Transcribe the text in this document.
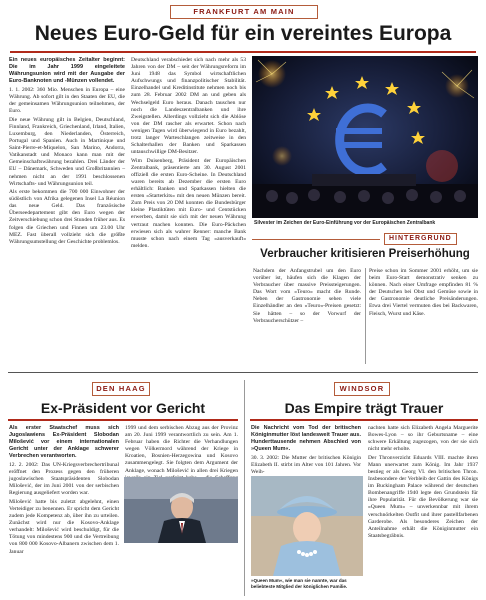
FRANKFURT AM MAIN
Neues Euro-Geld für ein vereintes Europa

Ein neues europäisches Zeitalter beginnt: Die im Jahr 1999 eingeleitete Währungsunion wird mit der Ausgabe der Euro-Banknoten und -Münzen vollendet.

1. 1. 2002: 360 Mio. Menschen in Europa – eine Währung. Ab sofort gilt in den Staaten der EU, die der gemeinsamen Währungsunion teilnehmen, der Euro.

Die neue Währung gilt in Belgien, Deutschland, Finnland, Frankreich, Griechenland, Irland, Italien, Luxemburg, den Niederlanden, Österreich, Portugal und Spanien. Auch in Martinique und Saint-Pierre-et-Miquelon, San Marino, Andorra, Vatikanstadt und Monaco kann man mit der Gemeinschaftswährung bezahlen. Drei Länder der EU – Dänemark, Schweden und Großbritannien – nehmen nicht an der 1991 beschlossenen Wirtschafts- und Währungsunion teil.

Als erste bekommen die 700 000 Einwohner der südöstlich von Afrika gelegenen Insel La Réunion das neue Geld. Das französische Überseedepartement gibt den Euro wegen der Zeitverschiebung schon drei Stunden früher aus. Es folgen die Griechen und Finnen um 23.00 Uhr MEZ. Fast überall vollzieht sich die größte Währungsumstellung der Geschichte problemlos.

Deutschland verabschiedet sich nach mehr als 53 Jahren von der DM – seit der Währungsreform im Juni 1948 das Symbol wirtschaftlichen Aufschwungs und finanzpolitischer Stabilität. Einzelhandel und Kreditinstitute nehmen noch bis zum 28. Februar 2002 DM an und geben als Wechselgeld Euro heraus. Danach tauschen nur noch die Landeszentralbanken und ihre Zweigstellen. Allerdings vollzieht sich die Ablöse von der DM rascher als erwartet. Schon nach wenigen Tagen wird überwiegend in Euro bezahlt, trotz langer Warteschlangen zeitweise in den Schalterhallen der Banken und Sparkassen untauschwillige DM-Besitzer.

Wim Duisenberg, Präsident der Europäischen Zentralbank, präsentierte am 30. August 2001 offiziell die ersten Euro-Scheine. In Deutschland waren bereits ab Dezember die ersten Euro erhältlich: Banken und Sparkassen hielten die ersten »Starterkits« mit den neuen Münzen bereit. Zum Preis von 20 DM konnten die Bundesbürger kleine Plastiktüten mit Euro- und Centstücken erwerben, damit sie sich mit der neuen Währung vertraut machen konnten. Die Euro-Päckchen erwiesen sich als wahrer Renner: manche Bank musste schon nach einem Tag »ausverkauft« melden.

Silvester im Zeichen der Euro-Einführung vor der Europäischen Zentralbank
HINTERGRUND
Verbraucher kritisieren Preiserhöhung

Nachdem der Anfangstrubel um den Euro vorüber ist, häufen sich die Klagen der Verbraucher über massive Preissteigerungen. Das Wort vom »Teuro« macht die Runde. Neben der Gastronomie sehen viele Einzelhändler an den »Teuro«-Preisen gesetzt: Sie hätten – so der Vorwurf der Verbraucherschützer –

Preise schon im Sommer 2001 erhöht, um sie beim Euro-Start demonstrativ senken zu können. Nach einer Umfrage empfinden 81 % der Deutschen bei Obst und Gemüse sowie in der Gastronomie deutliche Preisänderungen. Etwa drei Viertel vermuten dies bei Backwaren, Fleisch, Wurst und Käse.

DEN HAAG
Ex-Präsident vor Gericht

Als erster Staatschef muss sich Jugoslawiens Ex-Präsident Slobodan Milošević vor einem internationalen Gericht unter der Anklage schwerer Verbrechen verantworten.

12. 2. 2002: Das UN-Kriegsverbrechertribunal eröffnet den Prozess gegen den früheren jugoslawischen Staatspräsidenten Slobodan Milošević, der im Juni 2001 von der serbischen Regierung ausgeliefert worden war.

Milošević hatte bis zuletzt abgelehnt, einen Verteidiger zu benennen. Er spricht dem Gericht zudem jede Kompetenz ab, über ihn zu urteilen. Zunächst wird nur die Kosovo-Anklage verhandelt: Milošević wird beschuldigt, für die Tötung von mindestens 900 und die Vertreibung von 800 000 Kosovo-Albanern zwischen dem 1. Januar

1999 und dem serbischen Abzug aus der Provinz am 20. Juni 1999 verantwortlich zu sein. Am 1. Februar haben die Richter die Verhandlungen wegen Völkermord während der Kriege in Kroatien, Bosnien-Herzegowina und Kosovo zusammengelegt. Sie folgten dem Argument der Anklage, wonach Milošević in allen drei Kriegen

WINDSOR
Das Empire trägt Trauer

Die Nachricht vom Tod der britischen Königinmutter löst landesweit Trauer aus. Hunderttausende nehmen Abschied von »Queen Mum«.

30. 3. 2002: Die Mutter der britischen Königin Elizabeth II. stirbt im Alter von 101 Jahren. Vor Weih-

»Queen Mum«, wie man sie nannte, war das beliebteste Mitglied der königlichen Familie.

nachten hatte sich Elizabeth Angela Marguerite Bowes-Lyon – so ihr Geburtsname – eine schwere Erkältung zugezogen, von der sie sich nicht mehr erholte.

Der Thronverzicht Eduards VIII. machte ihren Mann unerwartet zum König. Im Jahr 1937 bestieg er als Georg VI. den britischen Thron. Insbesondere der Verbleib der Gattin des Königs im Buckingham Palace während der deutschen Bombenangriffe 1940 legte den Grundstein für ihre Popularität. Für die Bevölkerung war sie »Queen Mum« – unverkennbar mit ihrem verschnörkelten Outfit und ihrer pastellfarbenen Garderobe. Als besonderes Zeichen der Anteilnahme erhält die Königinmutter ein Staatsbegräbnis.
